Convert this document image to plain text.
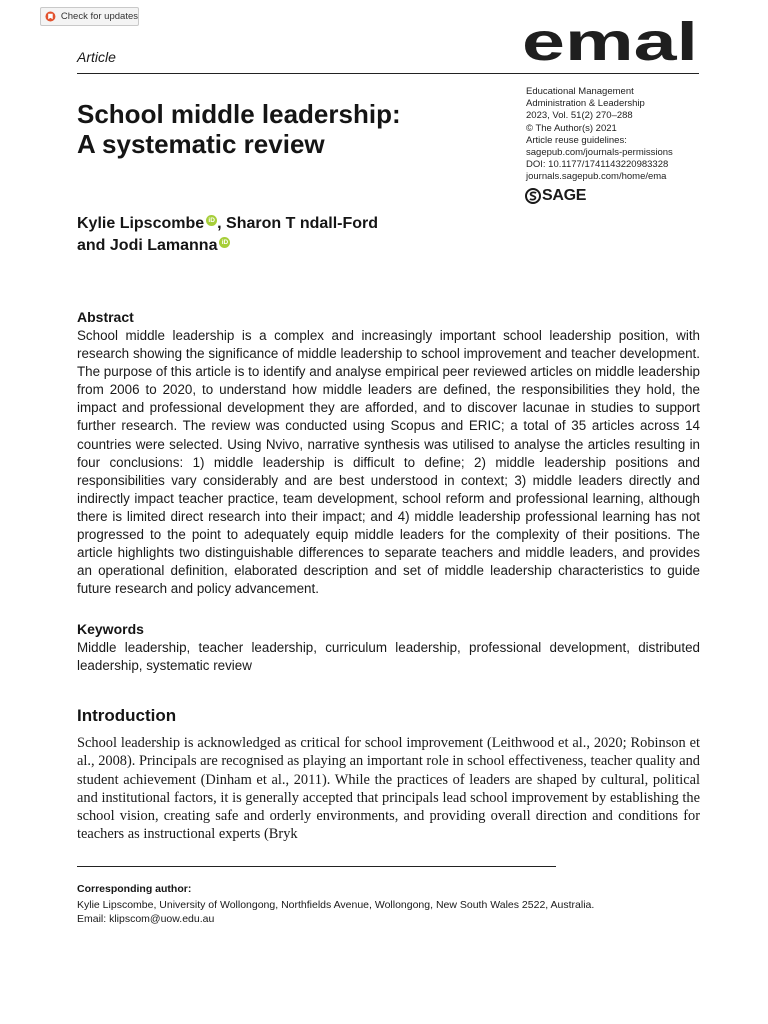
Check for updates
Article	emal
School middle leadership:
A systematic review
Educational Management
Administration & Leadership
2023, Vol. 51(2) 270–288
© The Author(s) 2021
Article reuse guidelines:
sagepub.com/journals-permissions
DOI: 10.1177/1741143220983328
journals.sagepub.com/home/ema
SAGE
Kylie Lipscombe iD , Sharon T ndall-Ford
and Jodi Lamanna iD
Abstract
School middle leadership is a complex and increasingly important school leadership position, with research showing the significance of middle leadership to school improvement and teacher development. The purpose of this article is to identify and analyse empirical peer reviewed articles on middle leadership from 2006 to 2020, to understand how middle leaders are defined, the responsibilities they hold, the impact and professional development they are afforded, and to discover lacunae in studies to support further research. The review was conducted using Scopus and ERIC; a total of 35 articles across 14 countries were selected. Using Nvivo, narrative synthesis was utilised to analyse the articles resulting in four conclusions: 1) middle leadership is difficult to define; 2) middle leadership positions and responsibilities vary considerably and are best understood in context; 3) middle leaders directly and indirectly impact teacher practice, team development, school reform and professional learning, although there is limited direct research into their impact; and 4) middle leadership professional learning has not progressed to the point to adequately equip middle leaders for the complexity of their positions. The article highlights two distinguishable differences to separate teachers and middle leaders, and provides an operational definition, elaborated description and set of middle leadership characteristics to guide future research and policy advancement.
Keywords
Middle leadership, teacher leadership, curriculum leadership, professional development, distributed leadership, systematic review
Introduction
School leadership is acknowledged as critical for school improvement (Leithwood et al., 2020; Robinson et al., 2008). Principals are recognised as playing an important role in school effectiveness, teacher quality and student achievement (Dinham et al., 2011). While the practices of leaders are shaped by cultural, political and institutional factors, it is generally accepted that principals lead school improvement by establishing the school vision, creating safe and orderly environments, and providing overall direction and conditions for teachers as instructional experts (Bryk
Corresponding author:
Kylie Lipscombe, University of Wollongong, Northfields Avenue, Wollongong, New South Wales 2522, Australia.
Email: klipscom@uow.edu.au
